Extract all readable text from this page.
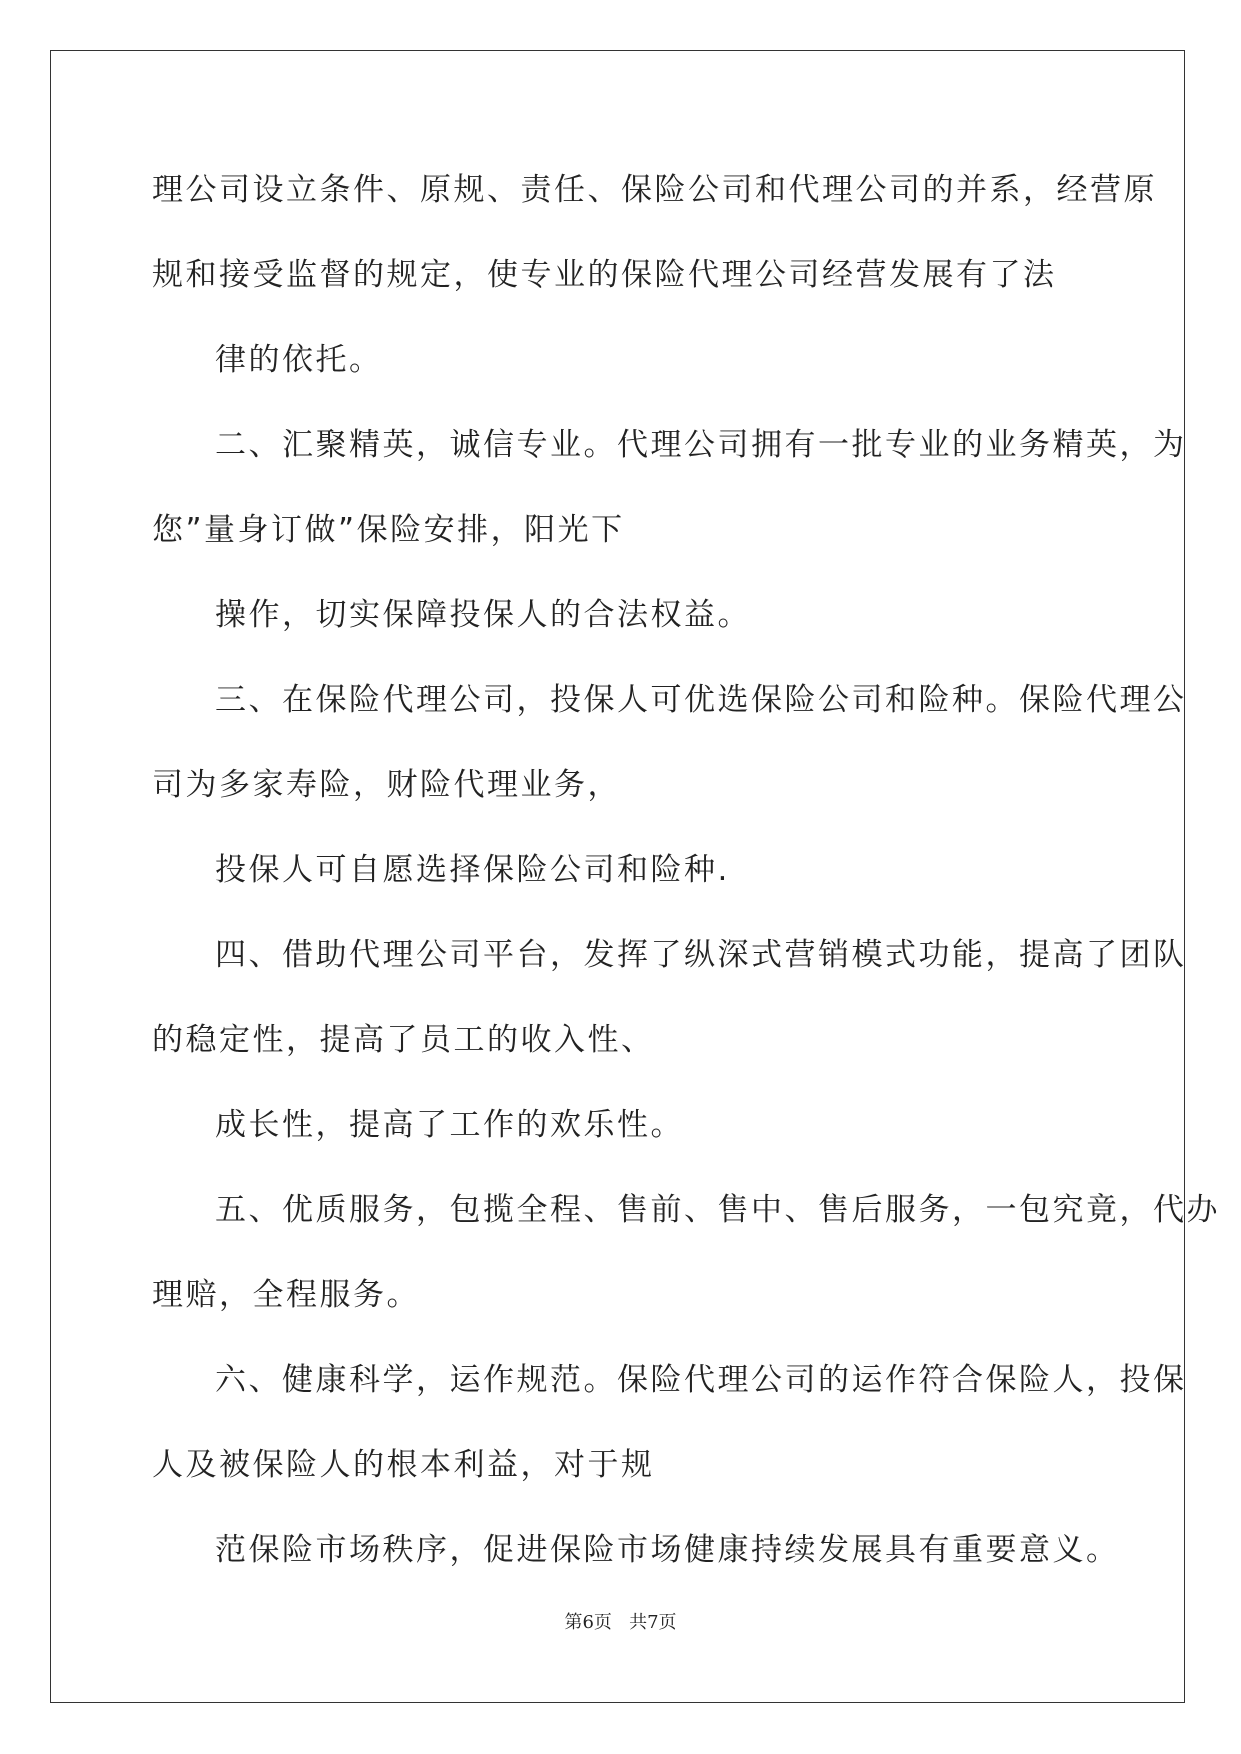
理公司设立条件、原规、责任、保险公司和代理公司的并系，经营原
规和接受监督的规定，使专业的保险代理公司经营发展有了法
律的依托。
二、汇聚精英，诚信专业。代理公司拥有一批专业的业务精英，为
您”量身订做”保险安排，阳光下
操作，切实保障投保人的合法权益。
三、在保险代理公司，投保人可优选保险公司和险种。保险代理公
司为多家寿险，财险代理业务，
投保人可自愿选择保险公司和险种.
四、借助代理公司平台，发挥了纵深式营销模式功能，提高了团队
的稳定性，提高了员工的收入性、
成长性，提高了工作的欢乐性。
五、优质服务，包揽全程、售前、售中、售后服务，一包究竟，代办
理赔，全程服务。
六、健康科学，运作规范。保险代理公司的运作符合保险人，投保
人及被保险人的根本利益，对于规
范保险市场秩序，促进保险市场健康持续发展具有重要意义。
第6页   共7页
